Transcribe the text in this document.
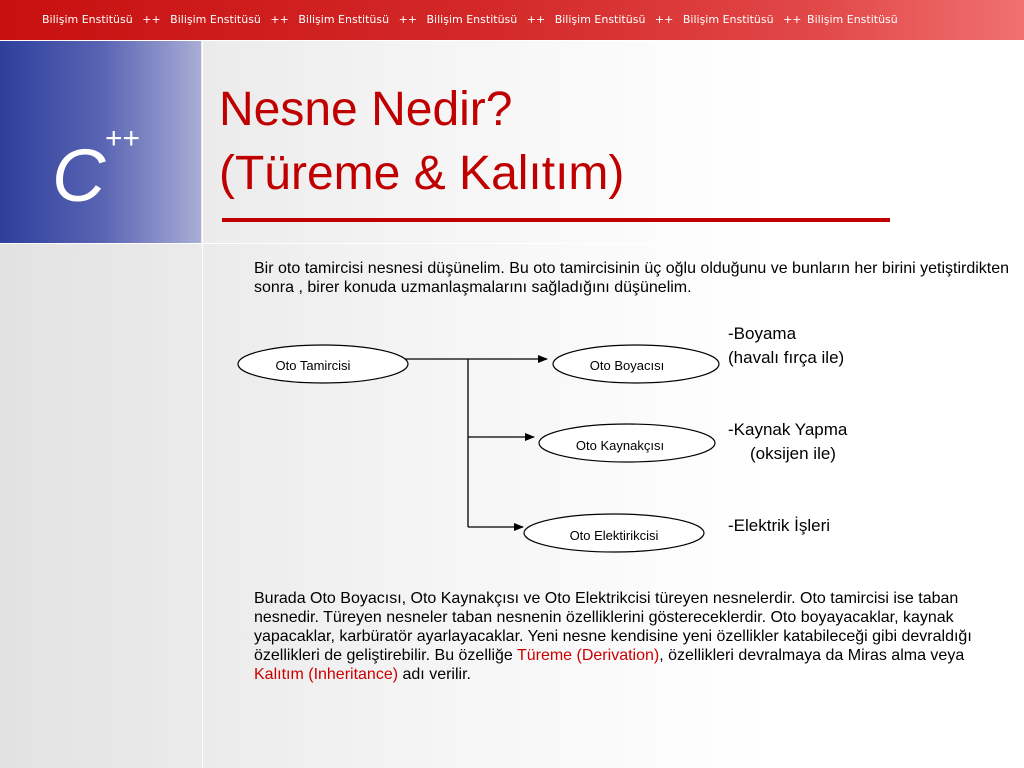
Bilişim Enstitüsü ++ Bilişim Enstitüsü ++ Bilişim Enstitüsü ++ Bilişim Enstitüsü ++ Bilişim Enstitüsü ++ Bilişim Enstitüsü ++ Bilişim Enstitüsü
C ++
Nesne Nedir?
(Türeme & Kalıtım)

Bir oto tamircisi nesnesi düşünelim. Bu oto tamircisinin üç oğlu olduğunu ve bunların her birini yetiştirdikten sonra , birer konuda uzmanlaşmalarını sağladığını düşünelim.

Oto Tamircisi	Oto Boyacısı
Oto Kaynakçısı
Oto Elektirikcisi

-Boyama
(havalı fırça ile)

-Kaynak Yapma
(oksijen ile)

-Elektrik İşleri

Burada Oto Boyacısı, Oto Kaynakçısı ve Oto Elektrikcisi türeyen nesnelerdir. Oto tamircisi ise taban nesnedir. Türeyen nesneler taban nesnenin özelliklerini göstereceklerdir. Oto boyayacaklar, kaynak yapacaklar, karbüratör ayarlayacaklar. Yeni nesne kendisine yeni özellikler katabileceği gibi devraldığı özellikleri de geliştirebilir. Bu özelliğe Türeme (Derivation), özellikleri devralmaya da Miras alma veya Kalıtım (Inheritance) adı verilir.
